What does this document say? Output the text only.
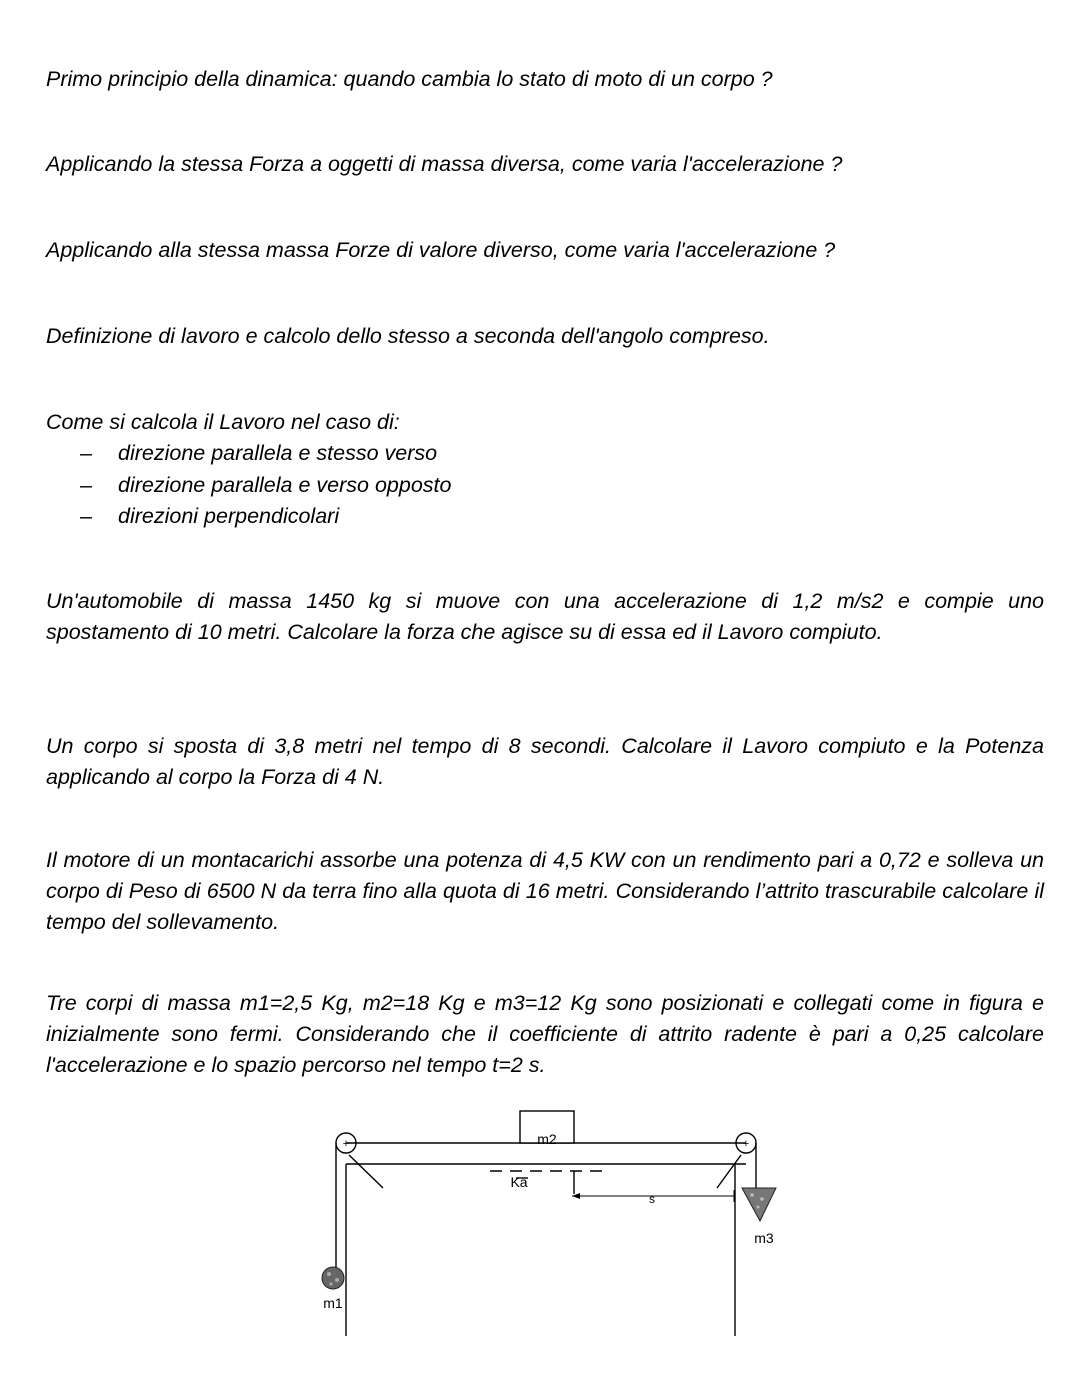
Primo principio della dinamica: quando cambia lo stato di moto di un corpo ?

Applicando la stessa Forza a oggetti di massa diversa, come varia l'accelerazione ?

Applicando alla stessa massa Forze di valore diverso, come varia l'accelerazione ?

Definizione di lavoro e calcolo dello stesso a seconda dell'angolo compreso.

Come si calcola il Lavoro nel caso di:

– direzione parallela e stesso verso
– direzione parallela e verso opposto
– direzioni perpendicolari

Un'automobile di massa 1450 kg si muove con una accelerazione di 1,2 m/s2 e compie uno spostamento di 10 metri. Calcolare la forza che agisce su di essa ed il Lavoro compiuto.

Un corpo si sposta di 3,8 metri nel tempo di 8 secondi. Calcolare il Lavoro compiuto e la Potenza applicando al corpo la Forza di 4 N.

Il motore di un montacarichi assorbe una potenza di 4,5 KW con un rendimento pari a 0,72 e solleva un corpo di Peso di 6500 N da terra fino alla quota di 16 metri. Considerando l’attrito trascurabile calcolare il tempo del sollevamento.

Tre corpi di massa m1=2,5 Kg, m2=18 Kg e m3=12 Kg sono posizionati e collegati come in figura e inizialmente sono fermi. Considerando che il coefficiente di attrito radente è pari a 0,25 calcolare l'accelerazione e lo spazio percorso nel tempo t=2 s.

+	+
m2
Ka
s
m3
m1
